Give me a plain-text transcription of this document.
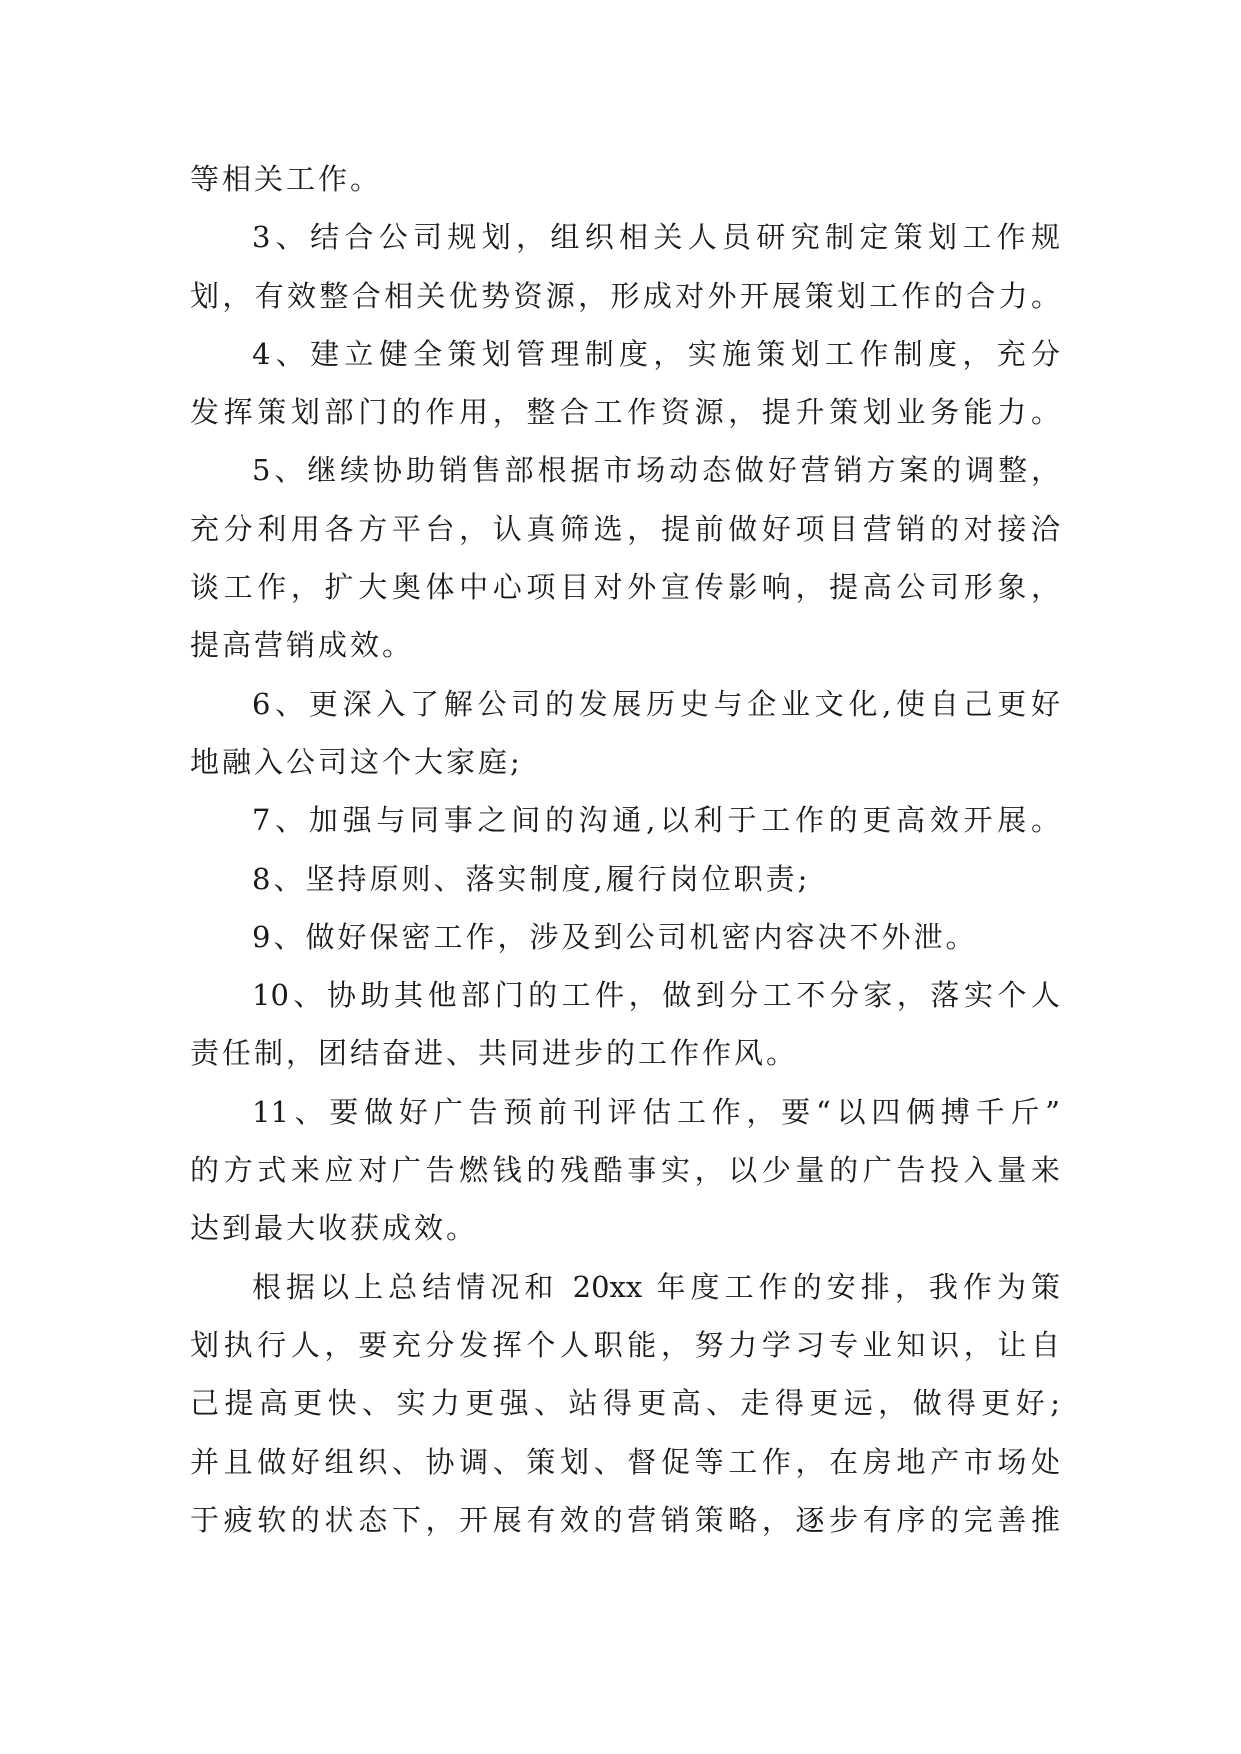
等相关工作。
3、结合公司规划，组织相关人员研究制定策划工作规
划，有效整合相关优势资源，形成对外开展策划工作的合力。
4、建立健全策划管理制度，实施策划工作制度，充分
发挥策划部门的作用，整合工作资源，提升策划业务能力。
5、继续协助销售部根据市场动态做好营销方案的调整，
充分利用各方平台，认真筛选，提前做好项目营销的对接洽
谈工作，扩大奥体中心项目对外宣传影响，提高公司形象，
提高营销成效。
6、更深入了解公司的发展历史与企业文化,使自己更好
地融入公司这个大家庭;
7、加强与同事之间的沟通,以利于工作的更高效开展。
8、坚持原则、落实制度,履行岗位职责;
9、做好保密工作，涉及到公司机密内容决不外泄。
10、协助其他部门的工件，做到分工不分家，落实个人
责任制，团结奋进、共同进步的工作作风。
11、要做好广告预前刊评估工作，要“以四俩搏千斤”
的方式来应对广告燃钱的残酷事实，以少量的广告投入量来
达到最大收获成效。
根据以上总结情况和 20xx 年度工作的安排，我作为策
划执行人，要充分发挥个人职能，努力学习专业知识，让自
己提高更快、实力更强、站得更高、走得更远，做得更好;
并且做好组织、协调、策划、督促等工作，在房地产市场处
于疲软的状态下，开展有效的营销策略，逐步有序的完善推
